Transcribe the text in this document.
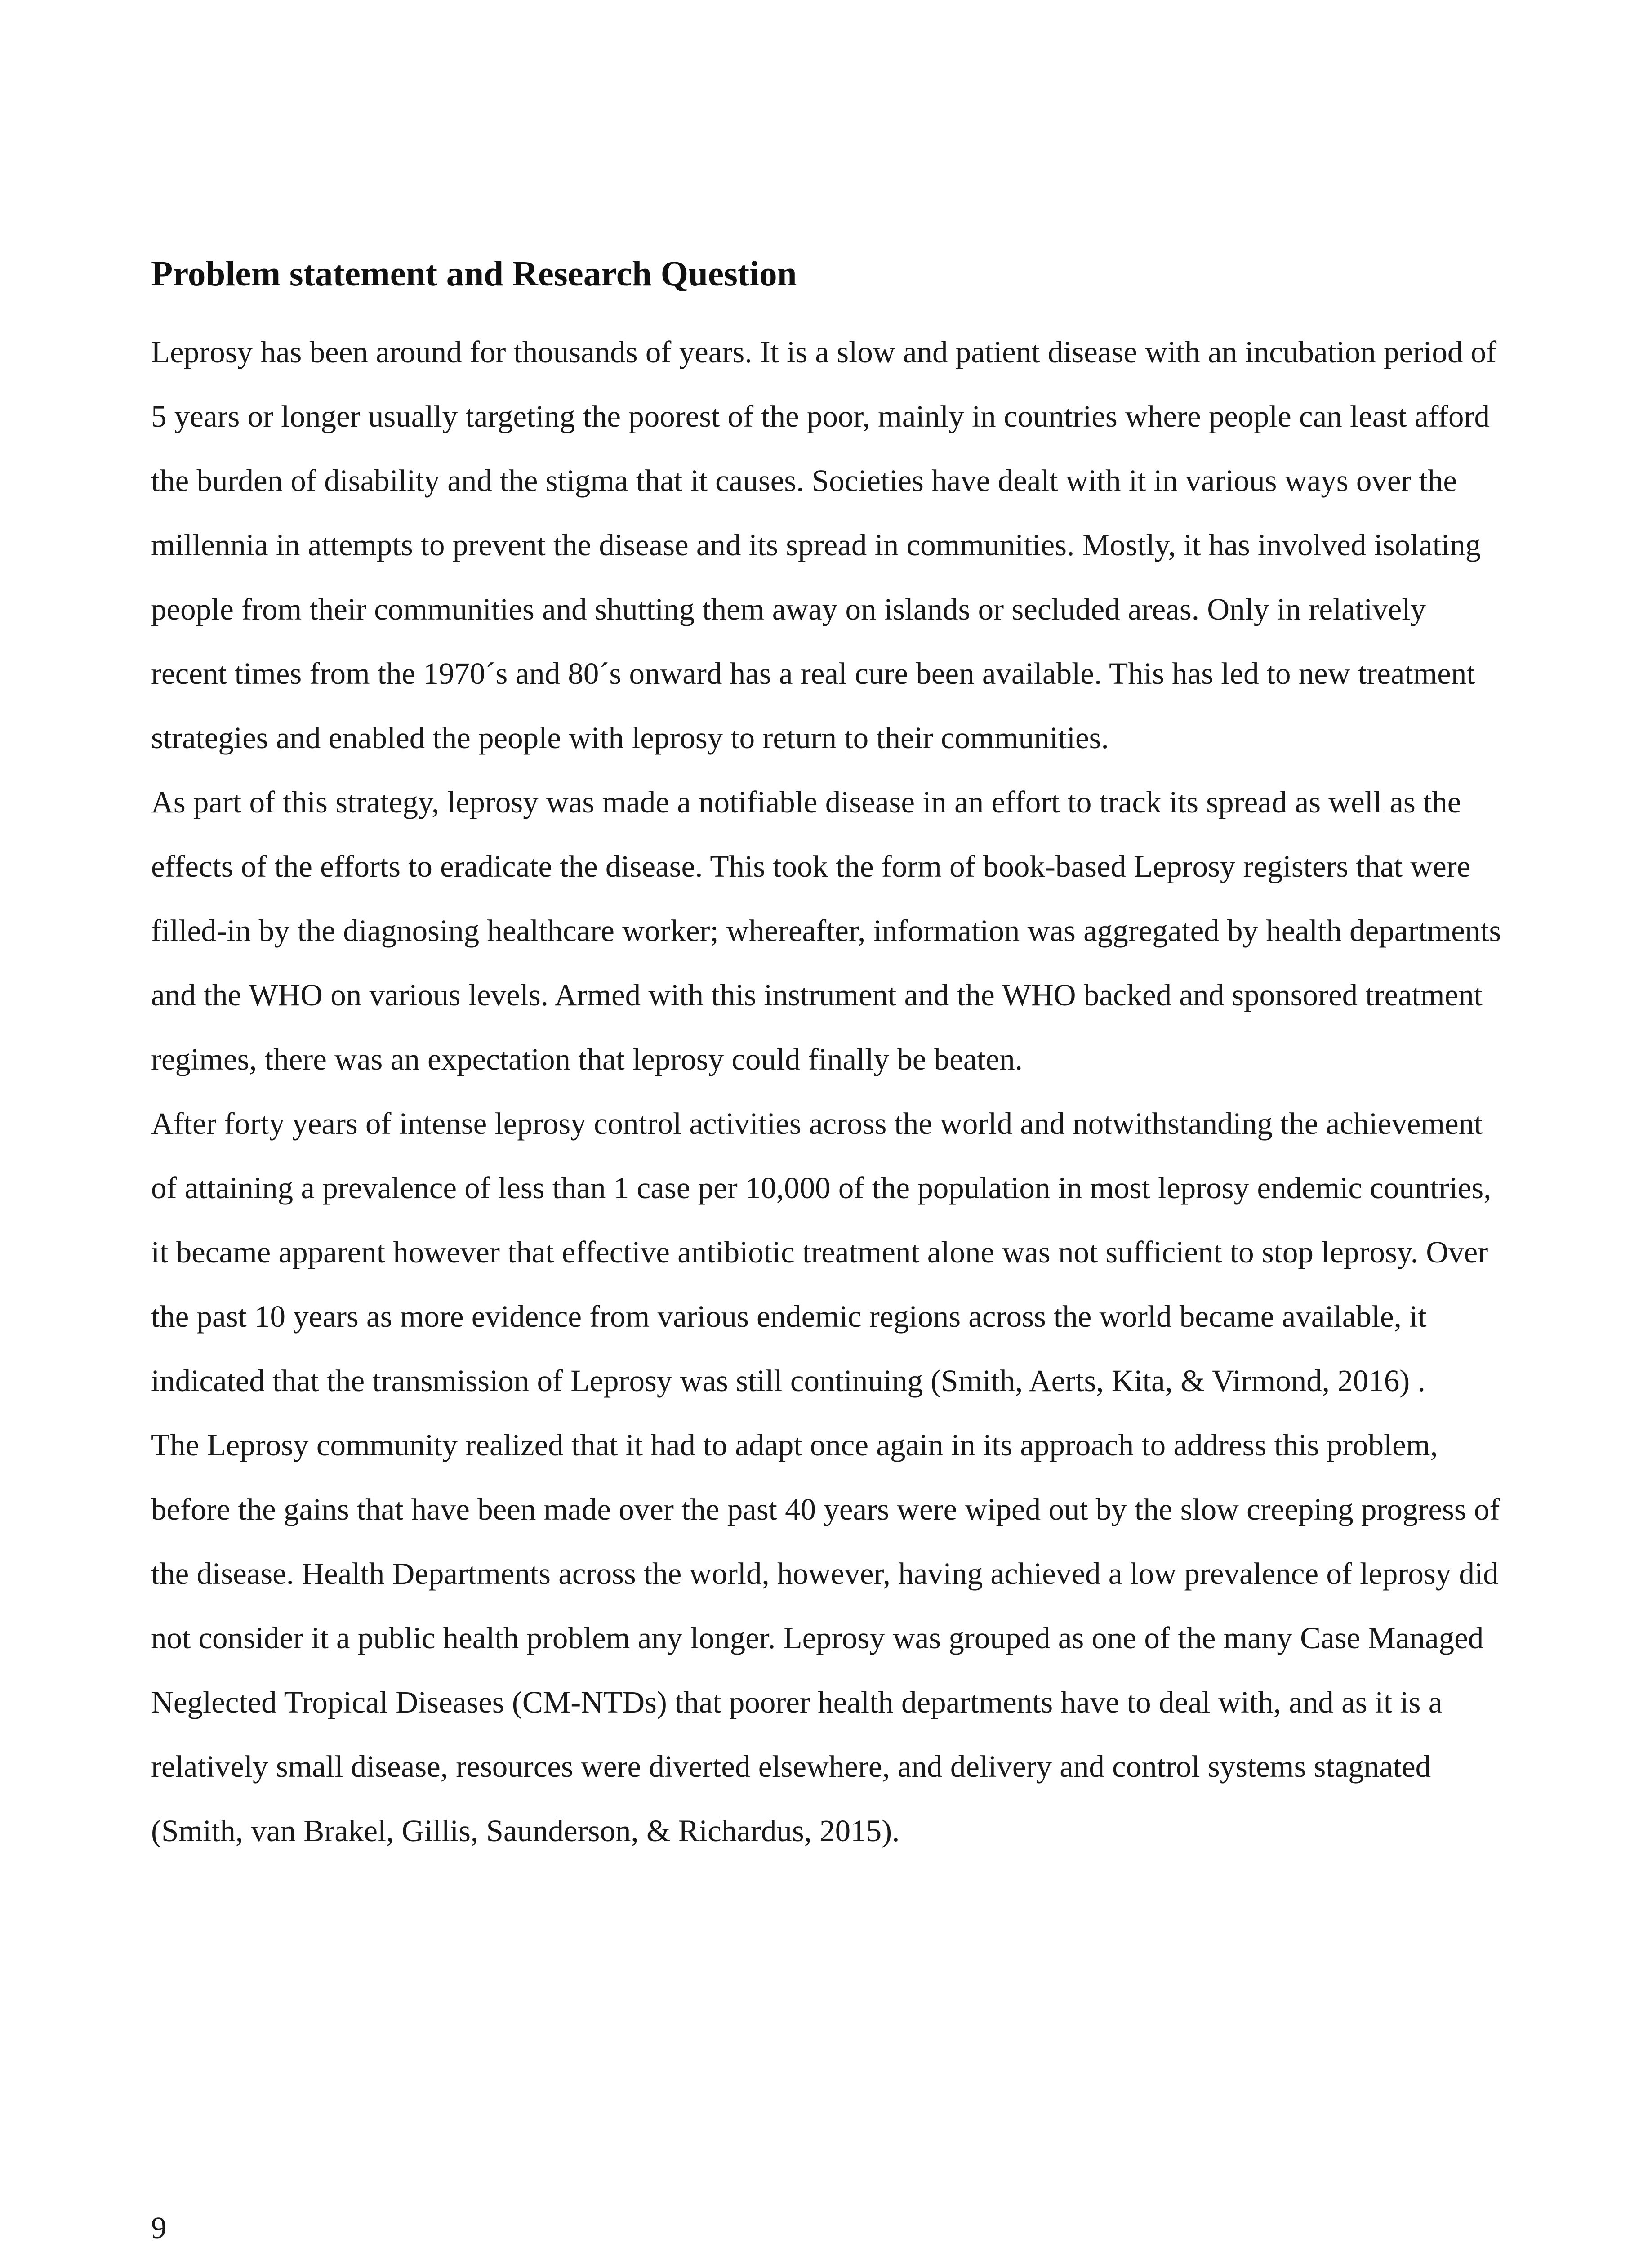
Problem statement and Research Question

Leprosy has been around for thousands of years. It is a slow and patient disease with an incubation period of 5 years or longer usually targeting the poorest of the poor, mainly in countries where people can least afford the burden of disability and the stigma that it causes. Societies have dealt with it in various ways over the millennia in attempts to prevent the disease and its spread in communities. Mostly, it has involved isolating people from their communities and shutting them away on islands or secluded areas. Only in relatively recent times from the 1970´s and 80´s onward has a real cure been available. This has led to new treatment strategies and enabled the people with leprosy to return to their communities.

As part of this strategy, leprosy was made a notifiable disease in an effort to track its spread as well as the effects of the efforts to eradicate the disease. This took the form of book-based Leprosy registers that were filled-in by the diagnosing healthcare worker; whereafter, information was aggregated by health departments and the WHO on various levels. Armed with this instrument and the WHO backed and sponsored treatment regimes, there was an expectation that leprosy could finally be beaten.

After forty years of intense leprosy control activities across the world and notwithstanding the achievement of attaining a prevalence of less than 1 case per 10,000 of the population in most leprosy endemic countries, it became apparent however that effective antibiotic treatment alone was not sufficient to stop leprosy. Over the past 10 years as more evidence from various endemic regions across the world became available, it indicated that the transmission of Leprosy was still continuing (Smith, Aerts, Kita, & Virmond, 2016) .

The Leprosy community realized that it had to adapt once again in its approach to address this problem, before the gains that have been made over the past 40 years were wiped out by the slow creeping progress of the disease. Health Departments across the world, however, having achieved a low prevalence of leprosy did not consider it a public health problem any longer. Leprosy was grouped as one of the many Case Managed Neglected Tropical Diseases (CM-NTDs) that poorer health departments have to deal with, and as it is a relatively small disease, resources were diverted elsewhere, and delivery and control systems stagnated (Smith, van Brakel, Gillis, Saunderson, & Richardus, 2015).

9
